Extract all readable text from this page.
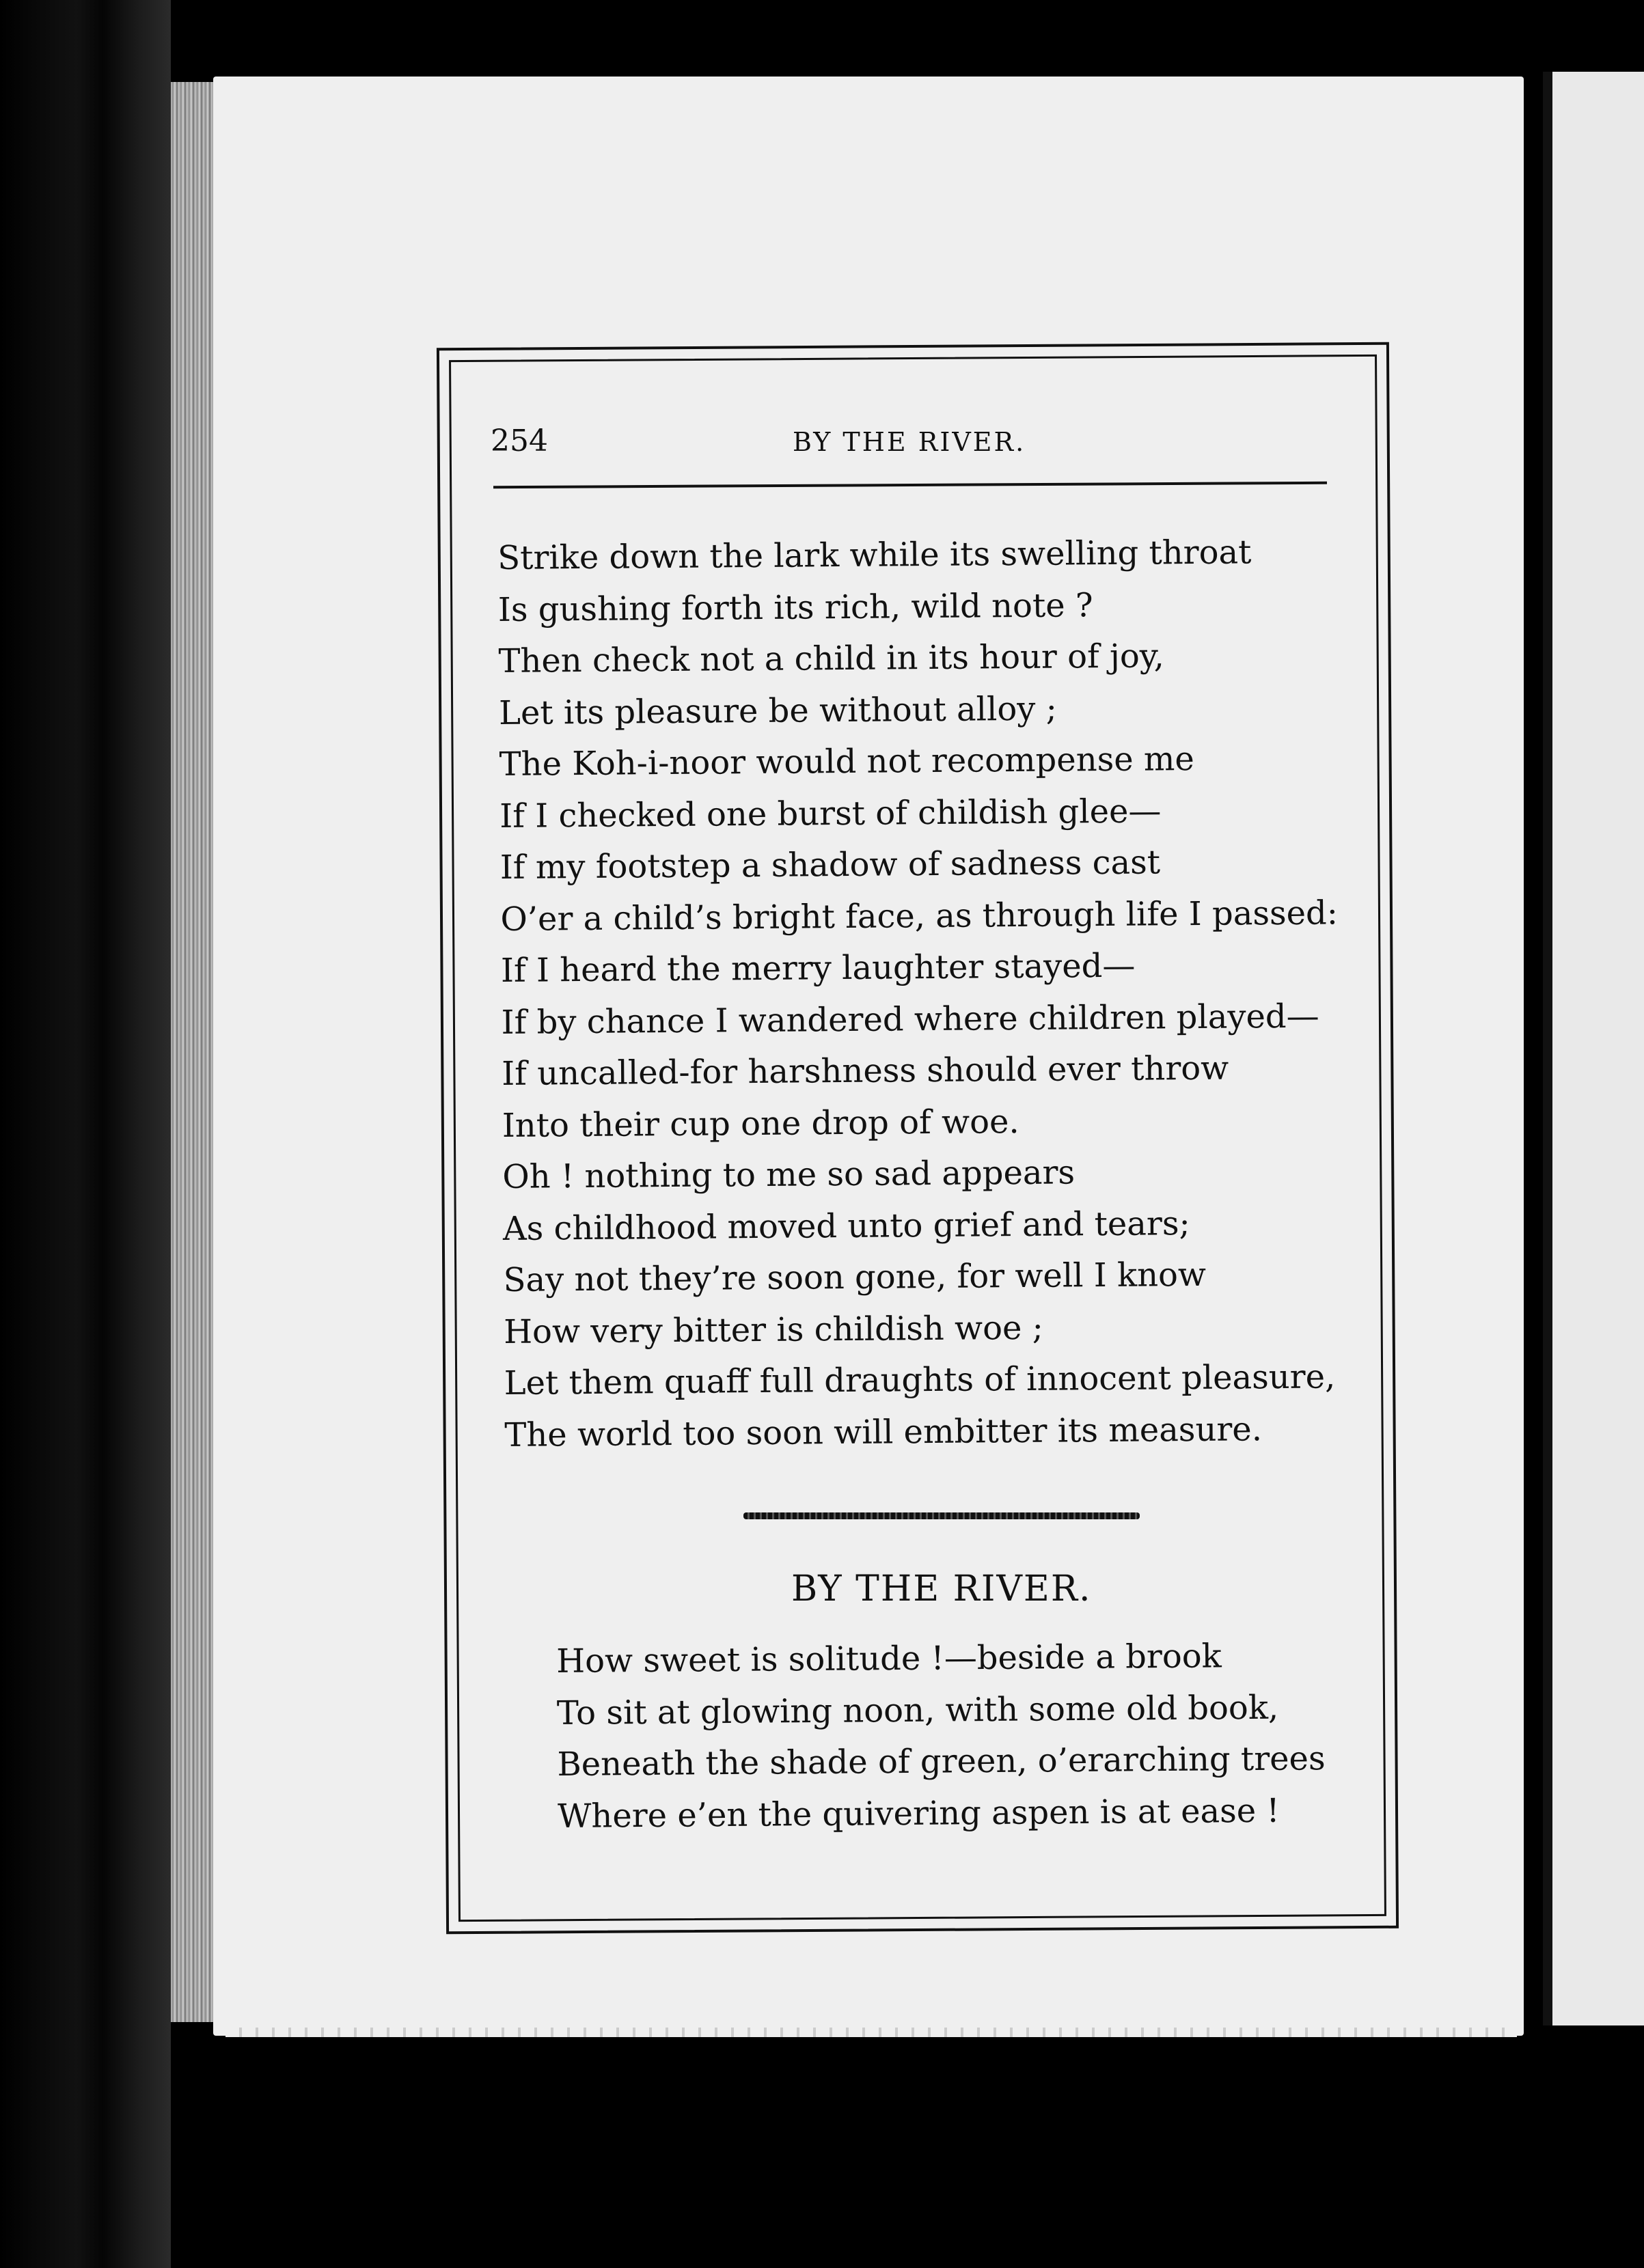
254	BY THE RIVER.
Strike down the lark while its swelling throat
Is gushing forth its rich, wild note ?
Then check not a child in its hour of joy,
Let its pleasure be without alloy ;
The Koh-i-noor would not recompense me
If I checked one burst of childish glee—
If my footstep a shadow of sadness cast
O’er a child’s bright face, as through life I passed:
If I heard the merry laughter stayed—
If by chance I wandered where children played—
If uncalled-for harshness should ever throw
Into their cup one drop of woe.
Oh ! nothing to me so sad appears
As childhood moved unto grief and tears;
Say not they’re soon gone, for well I know
How very bitter is childish woe ;
Let them quaff full draughts of innocent pleasure,
The world too soon will embitter its measure.
BY THE RIVER.
How sweet is solitude !—beside a brook
To sit at glowing noon, with some old book,
Beneath the shade of green, o’erarching trees
Where e’en the quivering aspen is at ease !
